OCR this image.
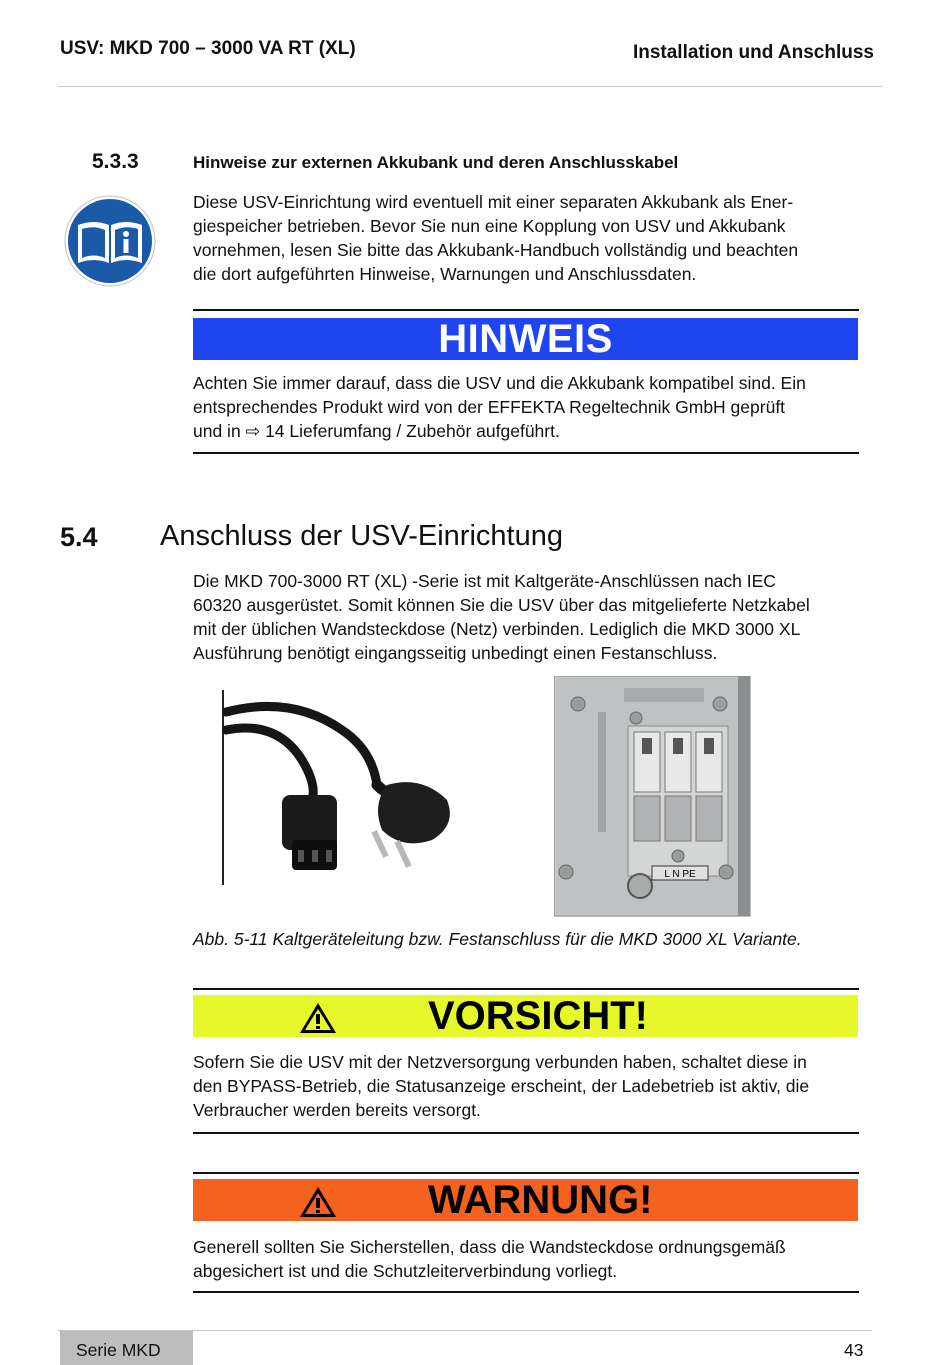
USV: MKD 700 – 3000 VA RT (XL)	Installation und Anschluss
5.3.3	Hinweise zur externen Akkubank und deren Anschlusskabel

Diese USV-Einrichtung wird eventuell mit einer separaten Akkubank als Ener-
giespeicher betrieben. Bevor Sie nun eine Kopplung von USV und Akkubank
vornehmen, lesen Sie bitte das Akkubank-Handbuch vollständig und beachten
die dort aufgeführten Hinweise, Warnungen und Anschlussdaten.

HINWEIS

Achten Sie immer darauf, dass die USV und die Akkubank kompatibel sind. Ein
entsprechendes Produkt wird von der EFFEKTA Regeltechnik GmbH geprüft
und in ⇨ 14 Lieferumfang / Zubehör aufgeführt.

5.4 Anschluss der USV-Einrichtung

Die MKD 700-3000 RT (XL) -Serie ist mit Kaltgeräte-Anschlüssen nach IEC
60320 ausgerüstet. Somit können Sie die USV über das mitgelieferte Netzkabel
mit der üblichen Wandsteckdose (Netz) verbinden. Lediglich die MKD 3000 XL
Ausführung benötigt eingangsseitig unbedingt einen Festanschluss.

L N PE
Abb. 5-11 Kaltgeräteleitung bzw. Festanschluss für die MKD 3000 XL Variante.
VORSICHT!

Sofern Sie die USV mit der Netzversorgung verbunden haben, schaltet diese in
den BYPASS-Betrieb, die Statusanzeige erscheint, der Ladebetrieb ist aktiv, die
Verbraucher werden bereits versorgt.

WARNUNG!

Generell sollten Sie Sicherstellen, dass die Wandsteckdose ordnungsgemäß
abgesichert ist und die Schutzleiterverbindung vorliegt.

Serie MKD	43
